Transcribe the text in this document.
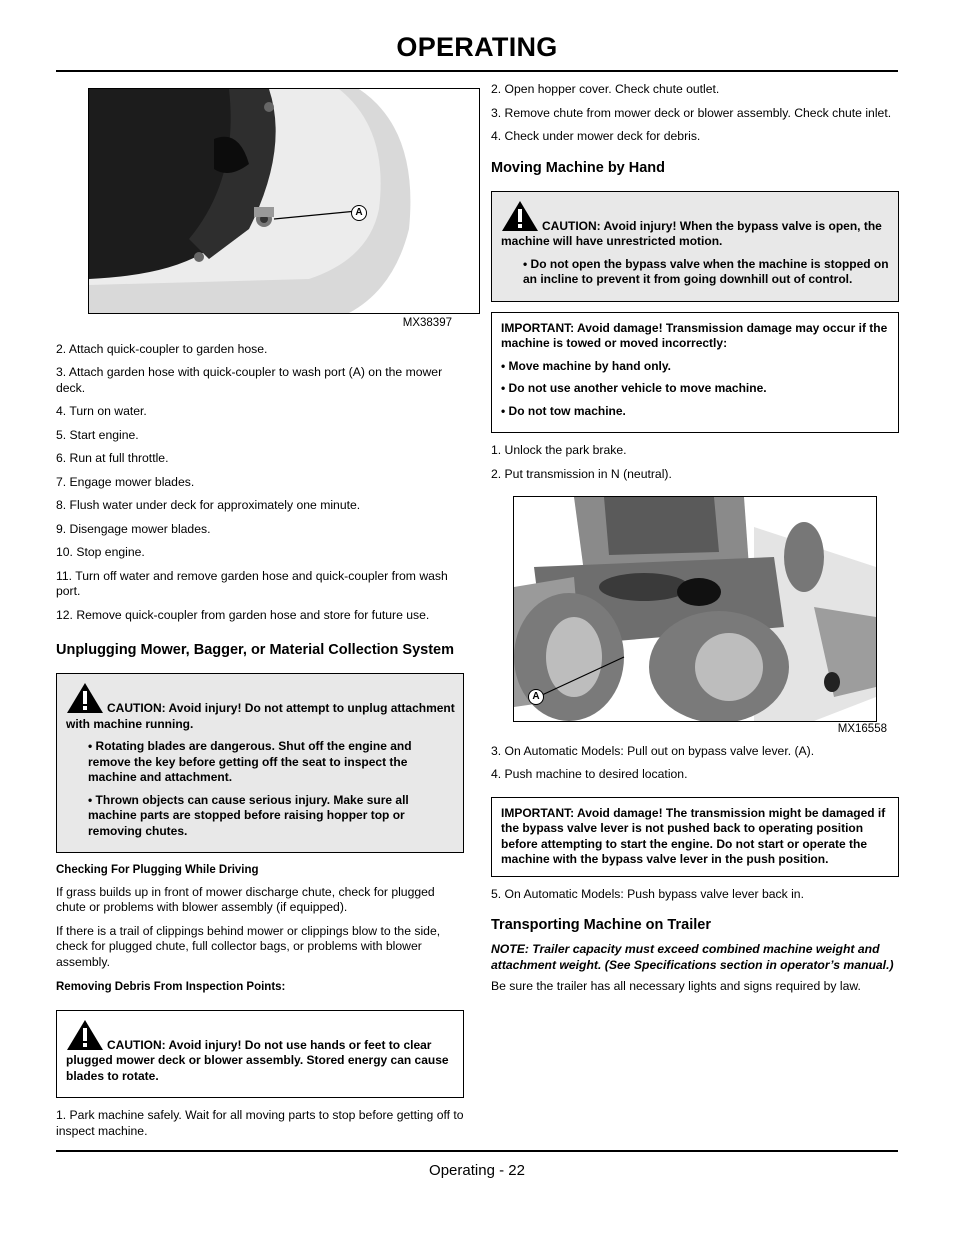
OPERATING
A
MX38397
2. Attach quick-coupler to garden hose.
3. Attach garden hose with quick-coupler to wash port (A) on the mower deck.
4. Turn on water.
5. Start engine.
6. Run at full throttle.
7. Engage mower blades.
8. Flush water under deck for approximately one minute.
9. Disengage mower blades.
10. Stop engine.
11. Turn off water and remove garden hose and quick-coupler from wash port.
12. Remove quick-coupler from garden hose and store for future use.
Unplugging Mower, Bagger, or Material Collection System
CAUTION: Avoid injury! Do not attempt to unplug attachment with machine running.
• Rotating blades are dangerous. Shut off the engine and remove the key before getting off the seat to inspect the machine and attachment.
• Thrown objects can cause serious injury. Make sure all machine parts are stopped before raising hopper top or removing chutes.
Checking For Plugging While Driving
If grass builds up in front of mower discharge chute, check for plugged chute or problems with blower assembly (if equipped).
If there is a trail of clippings behind mower or clippings blow to the side, check for plugged chute, full collector bags, or problems with blower assembly.
Removing Debris From Inspection Points:
CAUTION: Avoid injury! Do not use hands or feet to clear plugged mower deck or blower assembly. Stored energy can cause blades to rotate.
1. Park machine safely. Wait for all moving parts to stop before getting off to inspect machine.
2. Open hopper cover. Check chute outlet.
3. Remove chute from mower deck or blower assembly. Check chute inlet.
4. Check under mower deck for debris.
Moving Machine by Hand
CAUTION: Avoid injury! When the bypass valve is open, the machine will have unrestricted motion.
• Do not open the bypass valve when the machine is stopped on an incline to prevent it from going downhill out of control.
IMPORTANT: Avoid damage! Transmission damage may occur if the machine is towed or moved incorrectly:
• Move machine by hand only.
• Do not use another vehicle to move machine.
• Do not tow machine.
1. Unlock the park brake.
2. Put transmission in N (neutral).
A
MX16558
3. On Automatic Models: Pull out on bypass valve lever. (A).
4. Push machine to desired location.
IMPORTANT: Avoid damage! The transmission might be damaged if the bypass valve lever is not pushed back to operating position before attempting to start the engine. Do not start or operate the machine with the bypass valve lever in the push position.
5. On Automatic Models: Push bypass valve lever back in.
Transporting Machine on Trailer
NOTE: Trailer capacity must exceed combined machine weight and attachment weight. (See Specifications section in operator’s manual.)
Be sure the trailer has all necessary lights and signs required by law.
Operating - 22
